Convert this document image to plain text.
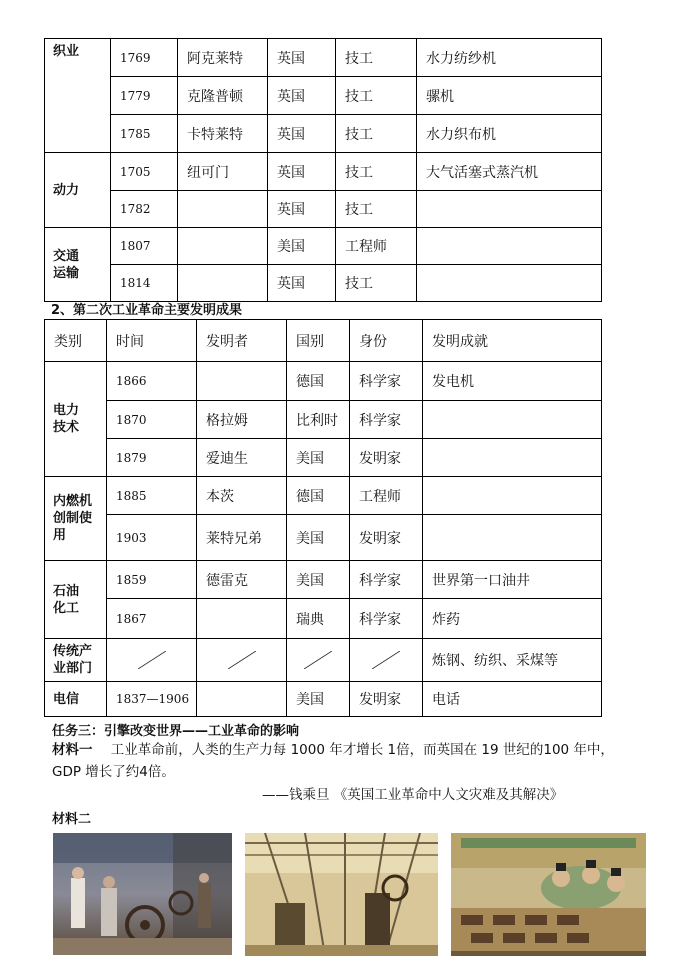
织业	1769	阿克莱特	英国	技工	水力纺纱机
	1779	克隆普顿	英国	技工	骡机
	1785	卡特莱特	英国	技工	水力织布机
动力	1705	纽可门	英国	技工	大气活塞式蒸汽机
	1782		英国	技工	

交通运输	1807		美国	工程师	
	1814		英国	技工	
2、第二次工业革命主要发明成果
类别	时间	发明者	国别	身份	发明成就

电力技术	1866		德国	科学家	发电机
	1870	格拉姆	比利时	科学家	
	1879	爱迪生	美国	发明家	

内燃机创制使用	1885	本茨	德国	工程师	
	1903	莱特兄弟	美国	发明家	

石油化工	1859	德雷克	美国	科学家	世界第一口油井
	1867		瑞典	科学家	炸药

传统产业部门					炼钢、纺织、采煤等
电信	1837—1906		美国	发明家	电话
任务三：引擎改变世界——工业革命的影响
材料一 工业革命前，人类的生产力每 1000 年才增长 1倍，而英国在 19 世纪的100 年中，GDP 增长了约4倍。
——钱乘旦 《英国工业革命中人文灾难及其解决》
材料二
